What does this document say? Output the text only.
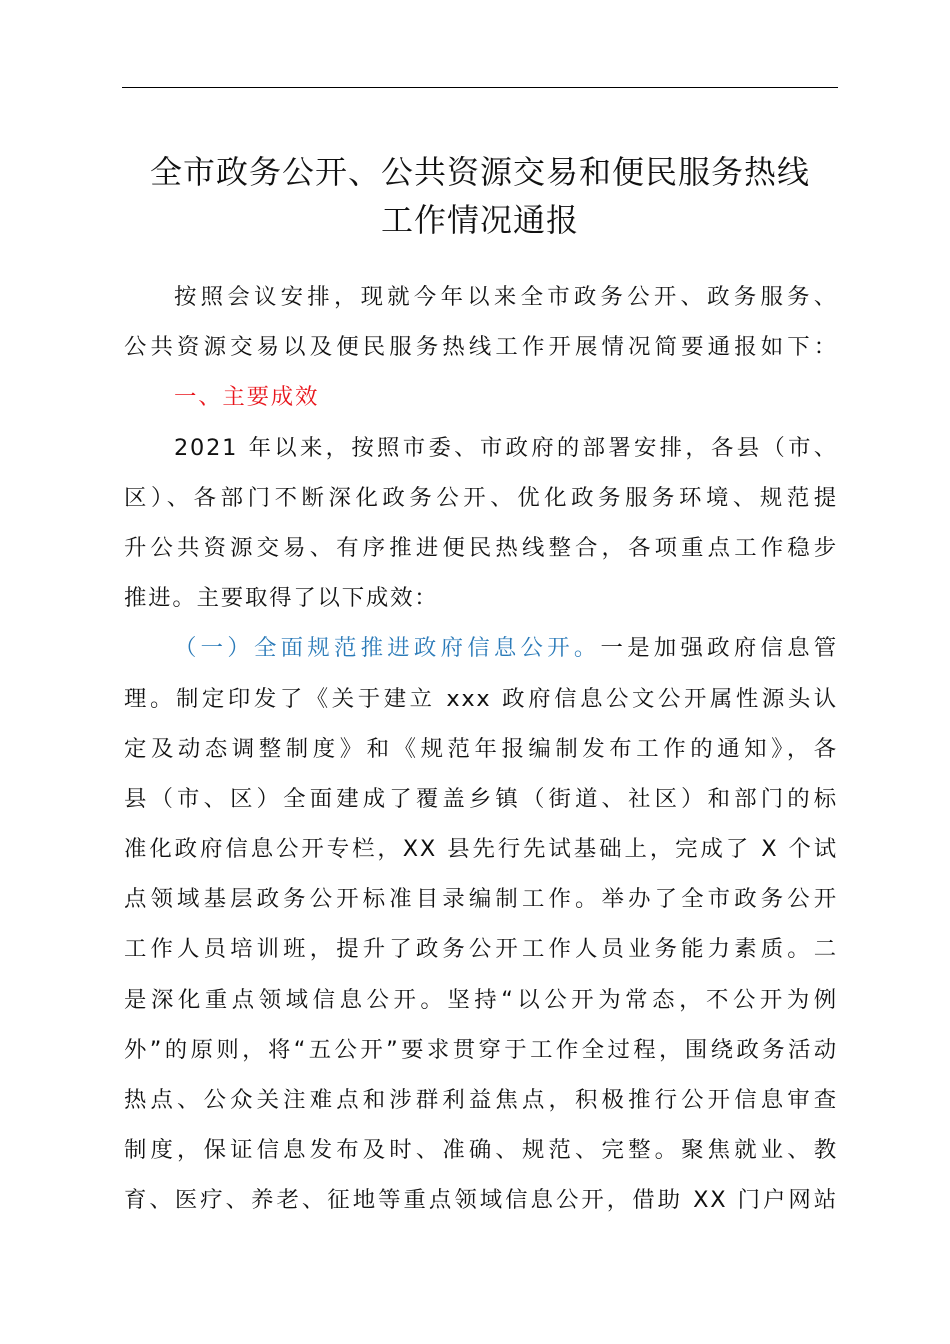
全市政务公开、公共资源交易和便民服务热线
工作情况通报
按照会议安排，现就今年以来全市政务公开、政务服务、
公共资源交易以及便民服务热线工作开展情况简要通报如下：
一、主要成效
2021 年以来，按照市委、市政府的部署安排，各县（市、
区）、各部门不断深化政务公开、优化政务服务环境、规范提
升公共资源交易、有序推进便民热线整合，各项重点工作稳步
推进。主要取得了以下成效：
（一）全面规范推进政府信息公开。一是加强政府信息管
理。制定印发了《关于建立 xxx 政府信息公文公开属性源头认
定及动态调整制度》和《规范年报编制发布工作的通知》，各
县（市、区）全面建成了覆盖乡镇（街道、社区）和部门的标
准化政府信息公开专栏，XX 县先行先试基础上，完成了 X 个试
点领域基层政务公开标准目录编制工作。举办了全市政务公开
工作人员培训班，提升了政务公开工作人员业务能力素质。二
是深化重点领域信息公开。坚持“以公开为常态，不公开为例
外”的原则，将“五公开”要求贯穿于工作全过程，围绕政务活动
热点、公众关注难点和涉群利益焦点，积极推行公开信息审查
制度，保证信息发布及时、准确、规范、完整。聚焦就业、教
育、医疗、养老、征地等重点领域信息公开，借助 XX 门户网站
